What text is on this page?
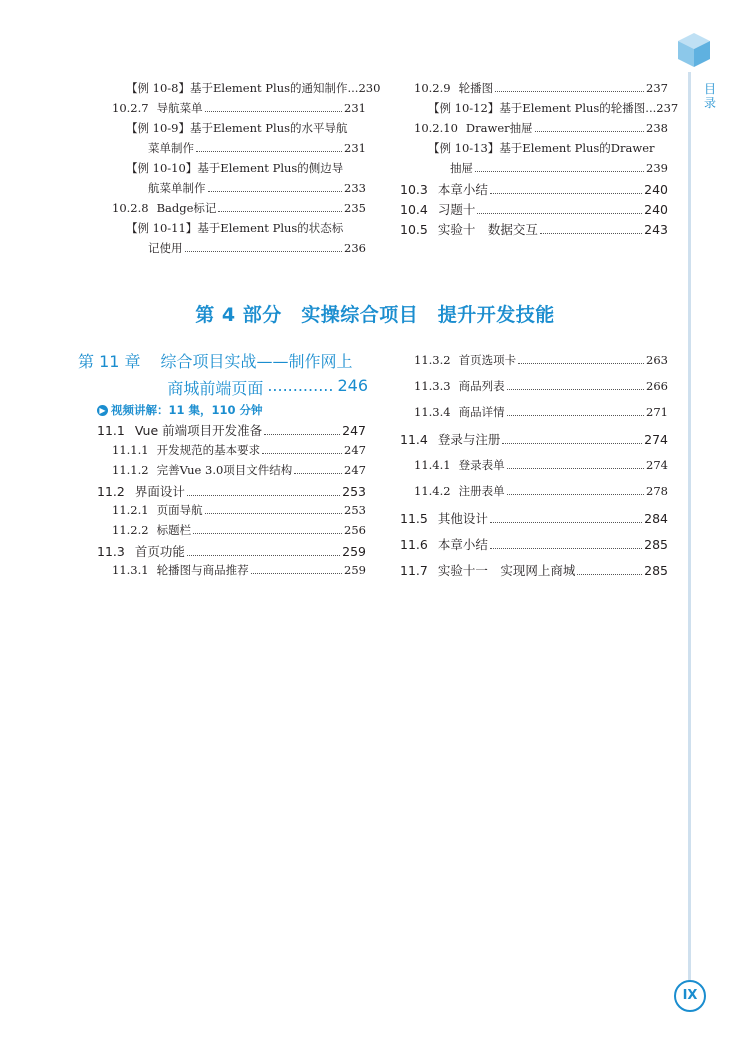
目录
IX
【例 10-8】 基于Element Plus的通知制作... 230
10.2.7 导航菜单	231
【例 10-9】 基于Element Plus的水平导航
菜单制作	231
【例 10-10】 基于Element Plus的侧边导
航菜单制作	233
10.2.8 Badge标记	235
【例 10-11】 基于Element Plus的状态标
记使用	236
10.2.9 轮播图	237
【例 10-12】 基于Element Plus的轮播图... 237
10.2.10 Drawer抽屉	238
【例 10-13】 基于Element Plus的Drawer
抽屉	239
10.3 本章小结	240
10.4 习题十	240
10.5 实验十　数据交互	243
第 4 部分　实操综合项目　提升开发技能
第 11 章 综合项目实战——制作网上
商城前端页面 ............. 246
▶ 视频讲解：11 集，110 分钟
11.1 Vue 前端项目开发准备	247
11.1.1 开发规范的基本要求	247
11.1.2 完善Vue 3.0项目文件结构	247
11.2 界面设计	253
11.2.1 页面导航	253
11.2.2 标题栏	256
11.3 首页功能	259
11.3.1 轮播图与商品推荐	259
11.3.2 首页选项卡	263
11.3.3 商品列表	266
11.3.4 商品详情	271
11.4 登录与注册	274
11.4.1 登录表单	274
11.4.2 注册表单	278
11.5 其他设计	284
11.6 本章小结	285
11.7 实验十一　实现网上商城	285
